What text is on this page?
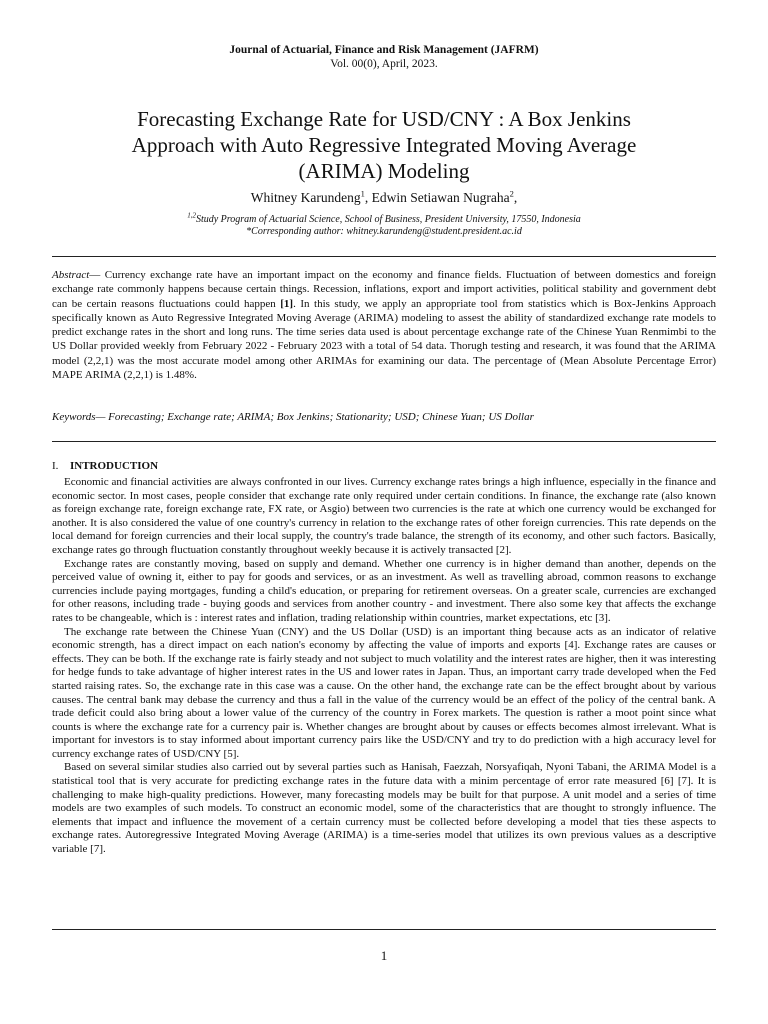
Journal of Actuarial, Finance and Risk Management (JAFRM)
Vol. 00(0), April, 2023.
Forecasting Exchange Rate for USD/CNY : A Box Jenkins Approach with Auto Regressive Integrated Moving Average (ARIMA) Modeling
Whitney Karundeng$^1$, Edwin Setiawan Nugraha$^2$,
$^{1,2}$Study Program of Actuarial Science, School of Business, President University, 17550, Indonesia
*Corresponding author: whitney.karundeng@student.president.ac.id
Abstract— Currency exchange rate have an important impact on the economy and finance fields. Fluctuation of between domestics and foreign exchange rate commonly happens because certain things. Recession, inflations, export and import activities, political stability and government debt can be certain reasons fluctuations could happen [1]. In this study, we apply an appropriate tool from statistics which is Box-Jenkins Approach specifically known as Auto Regressive Integrated Moving Average (ARIMA) modeling to assest the ability of standardized exchange rate models to predict exchange rates in the short and long runs. The time series data used is about percentage exchange rate of the Chinese Yuan Renmimbi to the US Dollar provided weekly from February 2022 - February 2023 with a total of 54 data. Thorugh testing and research, it was found that the ARIMA model (2,2,1) was the most accurate model among other ARIMAs for examining our data. The percentage of (Mean Absolute Percentage Error) MAPE ARIMA (2,2,1) is 1.48%.
Keywords— Forecasting; Exchange rate; ARIMA; Box Jenkins; Stationarity; USD; Chinese Yuan; US Dollar
I. INTRODUCTION

Economic and financial activities are always confronted in our lives. Currency exchange rates brings a high influence, especially in the finance and economic sector. In most cases, people consider that exchange rate only required under certain conditions. In finance, the exchange rate (also known as foreign exchange rate, foreign exchange rate, FX rate, or Asgio) between two currencies is the rate at which one currency would be exchanged for another. It is also considered the value of one country's currency in relation to the exchange rates of other foreign currencies. This rate depends on the local demand for foreign currencies and their local supply, the country's trade balance, the strength of its economy, and other such factors. Basically, exchange rates go through fluctuation constantly throughout weekly because it is actively transacted [2].

Exchange rates are constantly moving, based on supply and demand. Whether one currency is in higher demand than another, depends on the perceived value of owning it, either to pay for goods and services, or as an investment. As well as travelling abroad, common reasons to exchange currencies include paying mortgages, funding a child's education, or preparing for retirement overseas. On a greater scale, currencies are exchanged for other reasons, including trade - buying goods and services from another country - and investment. There also some key that affects the exchange rates to be changeable, which is : interest rates and inflation, trading relationship within countries, market expectations, etc [3].

The exchange rate between the Chinese Yuan (CNY) and the US Dollar (USD) is an important thing because acts as an indicator of relative economic strength, has a direct impact on each nation's economy by affecting the value of imports and exports [4]. Exchange rates are causes or effects. They can be both. If the exchange rate is fairly steady and not subject to much volatility and the interest rates are higher, then it was interesting for hedge funds to take advantage of higher interest rates in the US and lower rates in Japan. Thus, an important carry trade developed when the Fed started raising rates. So, the exchange rate in this case was a cause. On the other hand, the exchange rate can be the effect brought about by various causes. The central bank may debase the currency and thus a fall in the value of the currency would be an effect of the policy of the central bank. A trade deficit could also bring about a lower value of the currency of the country in Forex markets. The question is rather a moot point since what counts is where the exchange rate for a currency pair is. Whether changes are brought about by causes or effects becomes almost irrelevant. What is important for investors is to stay informed about important currency pairs like the USD/CNY and try to do prediction with a high accuracy level for currency exchange rates of USD/CNY [5].

Based on several similar studies also carried out by several parties such as Hanisah, Faezzah, Norsyafiqah, Nyoni Tabani, the ARIMA Model is a statistical tool that is very accurate for predicting exchange rates in the future data with a minim percentage of error rate measured [6] [7]. It is challenging to make high-quality predictions. However, many forecasting models may be built for that purpose. A unit model and a series of time models are two examples of such models. To construct an economic model, some of the characteristics that are thought to strongly influence. The elements that impact and influence the movement of a certain currency must be collected before developing a model that ties these aspects to exchange rates. Autoregressive Integrated Moving Average (ARIMA) is a time-series model that utilizes its own previous values as a descriptive variable [7].

1
